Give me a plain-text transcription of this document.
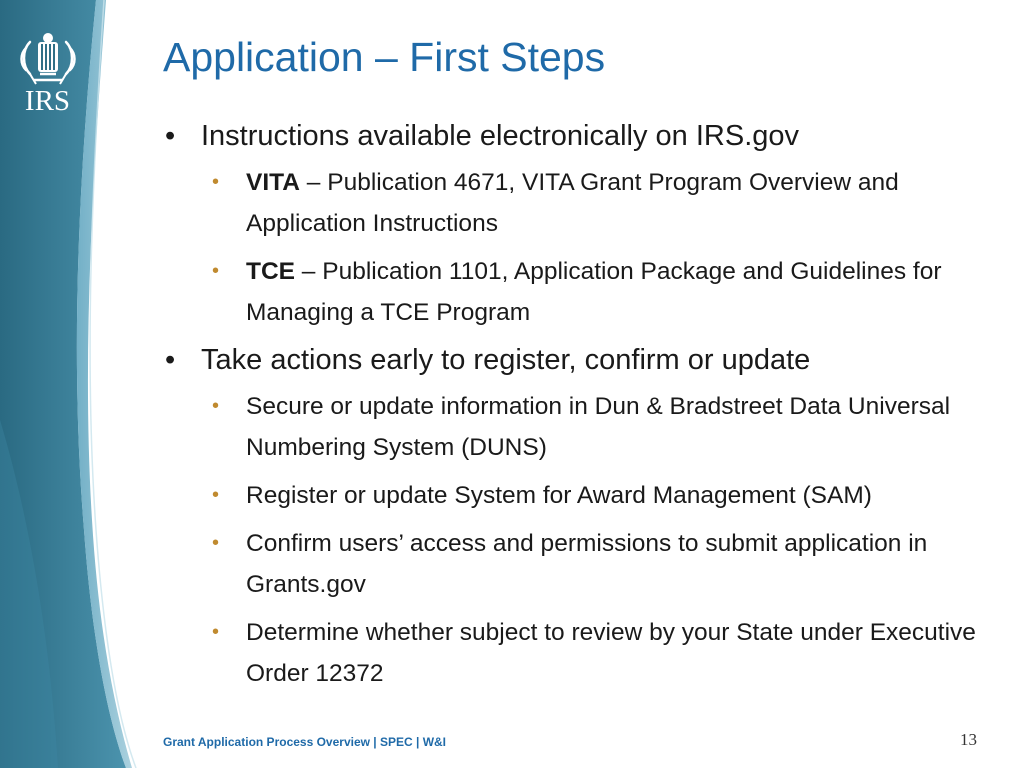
IRS
Application – First Steps
• Instructions available electronically on IRS.gov
• VITA – Publication 4671, VITA Grant Program Overview and Application Instructions
• TCE – Publication 1101, Application Package and Guidelines for Managing a TCE Program
• Take actions early to register, confirm or update
• Secure or update information in Dun & Bradstreet Data Universal Numbering System (DUNS)
• Register or update System for Award Management (SAM)
• Confirm users’ access and permissions to submit application in Grants.gov
• Determine whether subject to review by your State under Executive Order 12372
Grant Application Process Overview | SPEC | W&I	13
